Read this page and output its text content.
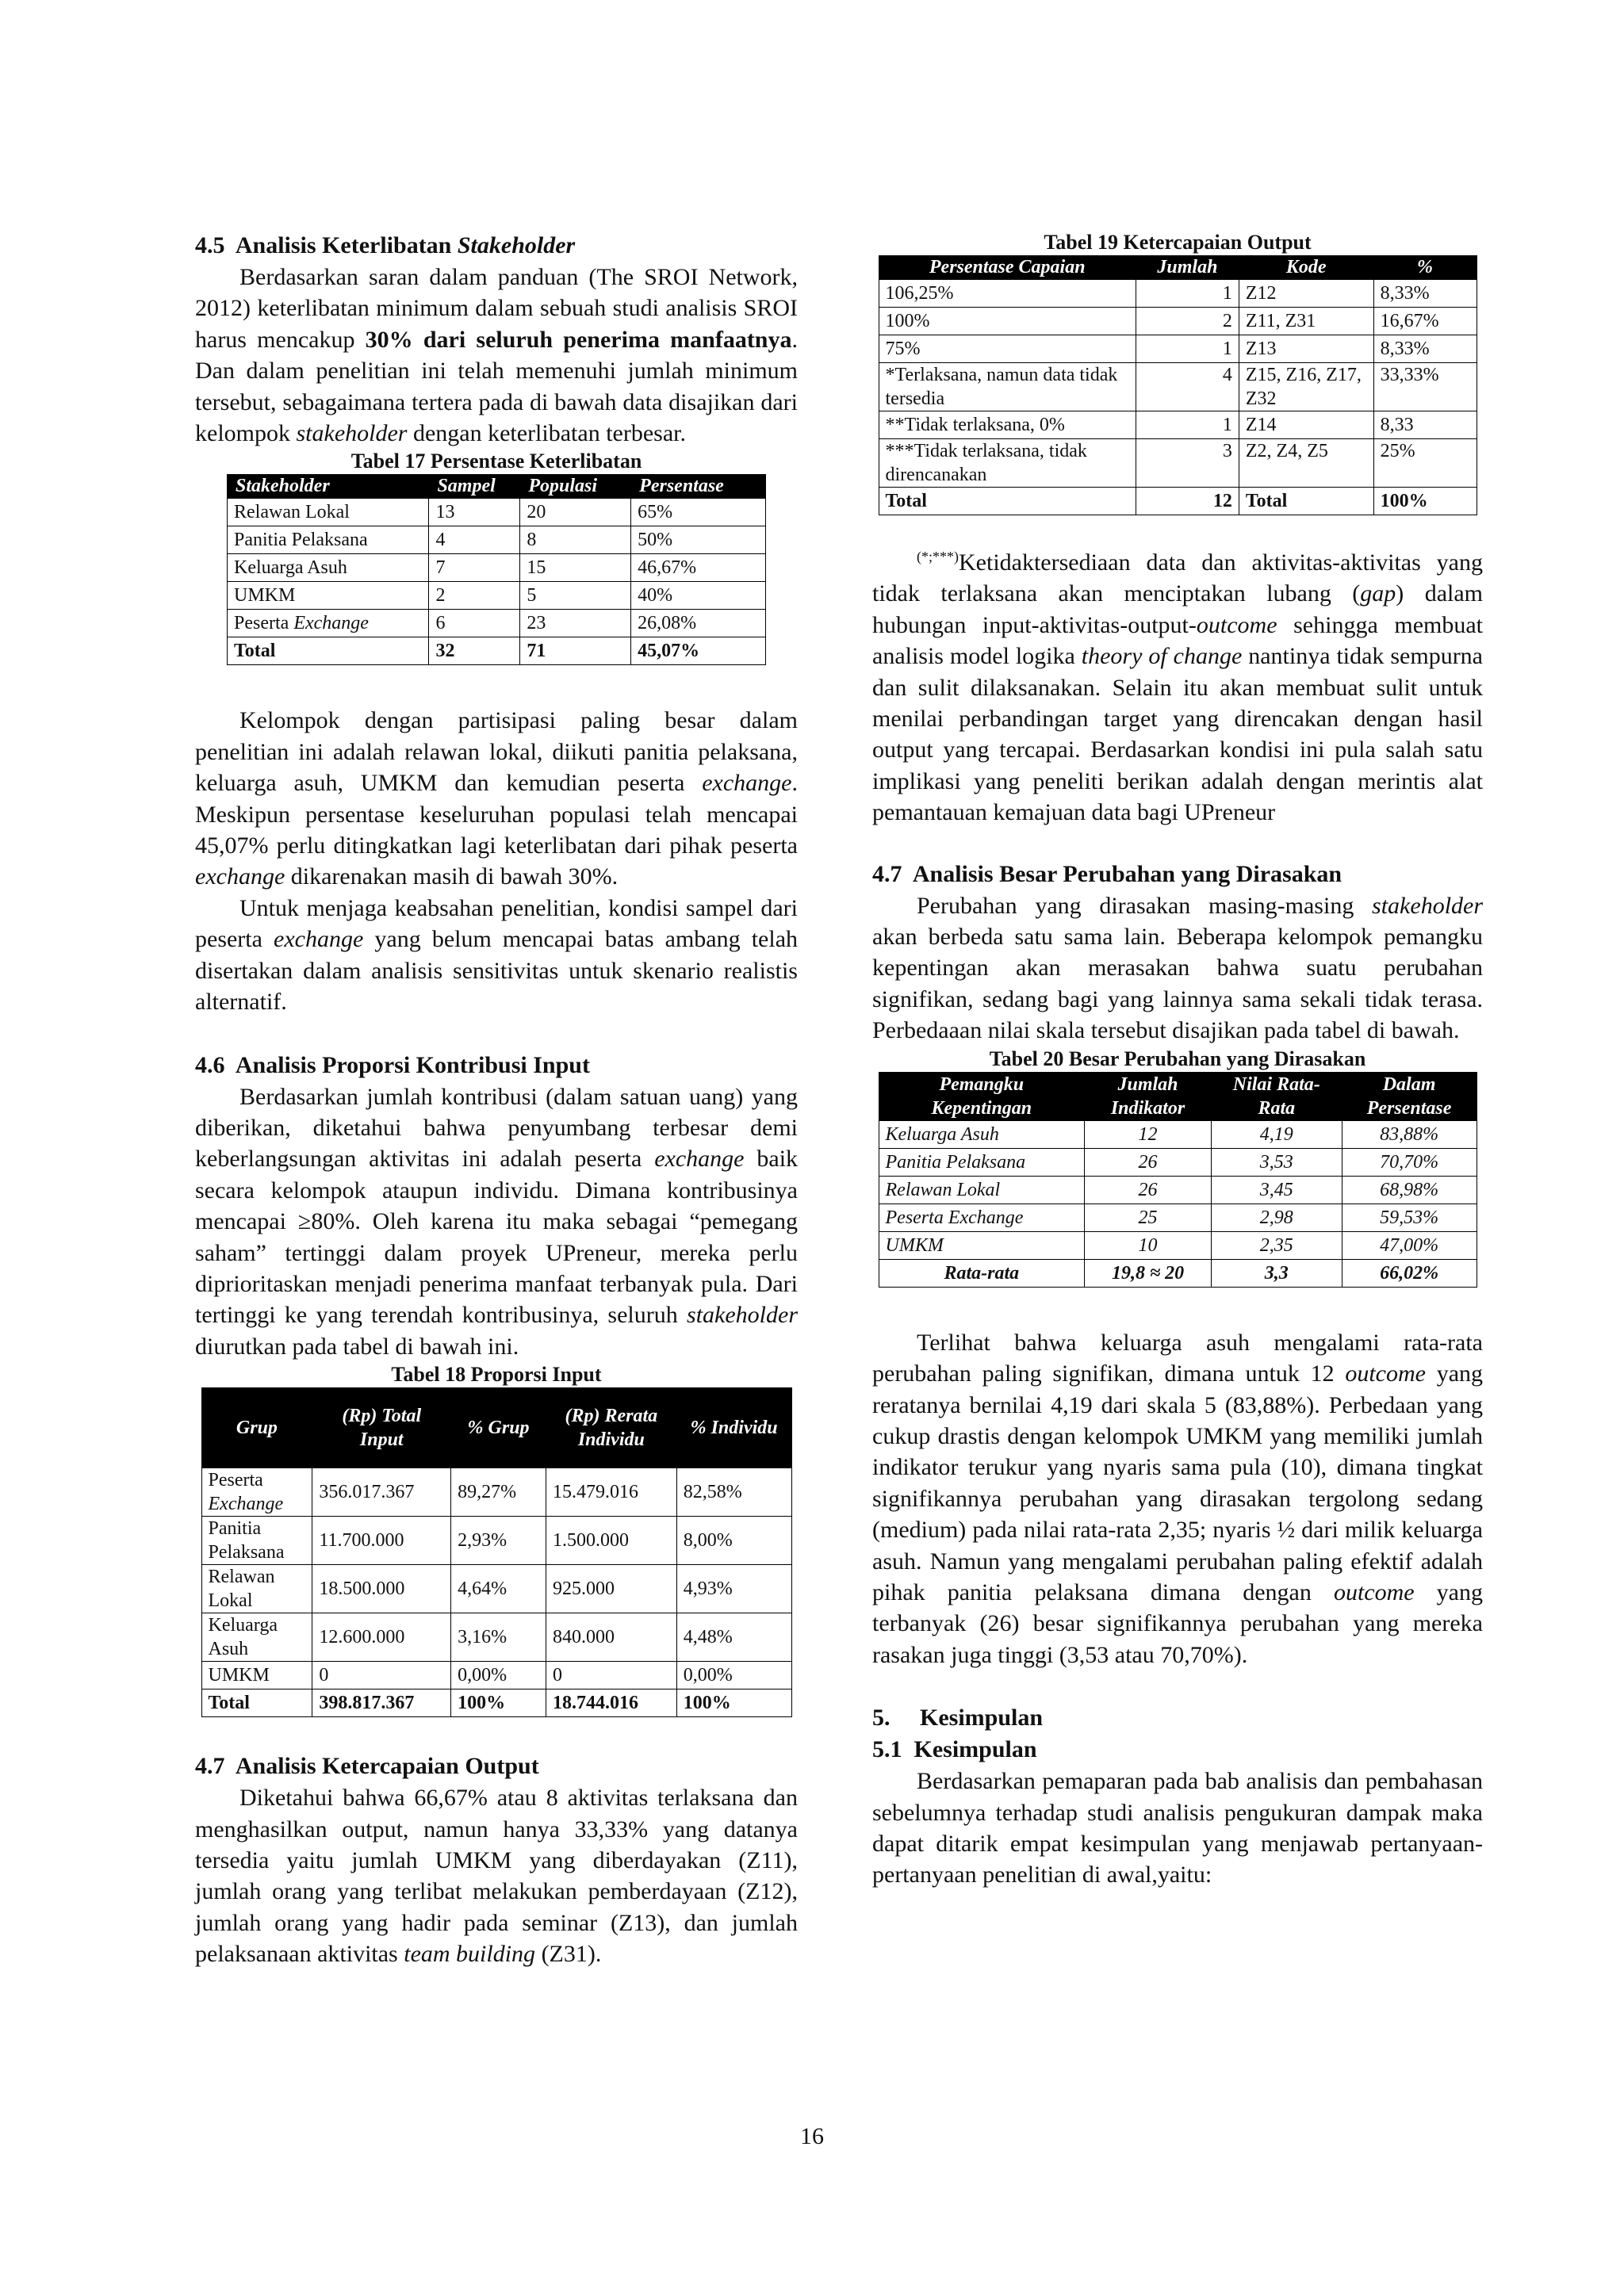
4.5 Analisis Keterlibatan Stakeholder

Berdasarkan saran dalam panduan (The SROI Network, 2012) keterlibatan minimum dalam sebuah studi analisis SROI harus mencakup 30% dari seluruh penerima manfaatnya. Dan dalam penelitian ini telah memenuhi jumlah minimum tersebut, sebagaimana tertera pada di bawah data disajikan dari kelompok stakeholder dengan keterlibatan terbesar.

Tabel 17 Persentase Keterlibatan
Stakeholder	Sampel	Populasi	Persentase
Relawan Lokal	13	20	65%
Panitia Pelaksana	4	8	50%
Keluarga Asuh	7	15	46,67%
UMKM	2	5	40%
Peserta Exchange	6	23	26,08%
Total	32	71	45,07%

Kelompok dengan partisipasi paling besar dalam penelitian ini adalah relawan lokal, diikuti panitia pelaksana, keluarga asuh, UMKM dan kemudian peserta exchange. Meskipun persentase keseluruhan populasi telah mencapai 45,07% perlu ditingkatkan lagi keterlibatan dari pihak peserta exchange dikarenakan masih di bawah 30%.

Untuk menjaga keabsahan penelitian, kondisi sampel dari peserta exchange yang belum mencapai batas ambang telah disertakan dalam analisis sensitivitas untuk skenario realistis alternatif.

4.6 Analisis Proporsi Kontribusi Input

Berdasarkan jumlah kontribusi (dalam satuan uang) yang diberikan, diketahui bahwa penyumbang terbesar demi keberlangsungan aktivitas ini adalah peserta exchange baik secara kelompok ataupun individu. Dimana kontribusinya mencapai ≥80%. Oleh karena itu maka sebagai “pemegang saham” tertinggi dalam proyek UPreneur, mereka perlu diprioritaskan menjadi penerima manfaat terbanyak pula. Dari tertinggi ke yang terendah kontribusinya, seluruh stakeholder diurutkan pada tabel di bawah ini.

Tabel 18 Proporsi Input
Grup	(Rp) Total Input	% Grup	(Rp) Rerata Individu	% Individu
Peserta
Exchange	356.017.367	89,27%	15.479.016	82,58%
Panitia Pelaksana	11.700.000	2,93%	1.500.000	8,00%
Relawan Lokal	18.500.000	4,64%	925.000	4,93%
Keluarga Asuh	12.600.000	3,16%	840.000	4,48%
UMKM	0	0,00%	0	0,00%
Total	398.817.367	100%	18.744.016	100%
4.7 Analisis Ketercapaian Output

Diketahui bahwa 66,67% atau 8 aktivitas terlaksana dan menghasilkan output, namun hanya 33,33% yang datanya tersedia yaitu jumlah UMKM yang diberdayakan (Z11), jumlah orang yang terlibat melakukan pemberdayaan (Z12), jumlah orang yang hadir pada seminar (Z13), dan jumlah pelaksanaan aktivitas team building (Z31).

Tabel 19 Ketercapaian Output
Persentase Capaian	Jumlah	Kode	%
106,25%	1	Z12	8,33%
100%	2	Z11, Z31	16,67%
75%	1	Z13	8,33%
*Terlaksana, namun data tidak tersedia	4	Z15, Z16, Z17, Z32	33,33%
**Tidak terlaksana, 0%	1	Z14	8,33
***Tidak terlaksana, tidak direncanakan	3	Z2, Z4, Z5	25%
Total	12	Total	100%

(*;***)Ketidaktersediaan data dan aktivitas-aktivitas yang tidak terlaksana akan menciptakan lubang (gap) dalam hubungan input-aktivitas-output-outcome sehingga membuat analisis model logika theory of change nantinya tidak sempurna dan sulit dilaksanakan. Selain itu akan membuat sulit untuk menilai perbandingan target yang direncakan dengan hasil output yang tercapai. Berdasarkan kondisi ini pula salah satu implikasi yang peneliti berikan adalah dengan merintis alat pemantauan kemajuan data bagi UPreneur

4.7 Analisis Besar Perubahan yang Dirasakan

Perubahan yang dirasakan masing-masing stakeholder akan berbeda satu sama lain. Beberapa kelompok pemangku kepentingan akan merasakan bahwa suatu perubahan signifikan, sedang bagi yang lainnya sama sekali tidak terasa. Perbedaaan nilai skala tersebut disajikan pada tabel di bawah.

Tabel 20 Besar Perubahan yang Dirasakan
Pemangku Kepentingan	Jumlah Indikator	Nilai Rata-Rata	Dalam Persentase
Keluarga Asuh	12	4,19	83,88%
Panitia Pelaksana	26	3,53	70,70%
Relawan Lokal	26	3,45	68,98%
Peserta Exchange	25	2,98	59,53%
UMKM	10	2,35	47,00%
Rata-rata	19,8 ≈ 20	3,3	66,02%

Terlihat bahwa keluarga asuh mengalami rata-rata perubahan paling signifikan, dimana untuk 12 outcome yang reratanya bernilai 4,19 dari skala 5 (83,88%). Perbedaan yang cukup drastis dengan kelompok UMKM yang memiliki jumlah indikator terukur yang nyaris sama pula (10), dimana tingkat signifikannya perubahan yang dirasakan tergolong sedang (medium) pada nilai rata-rata 2,35; nyaris ½ dari milik keluarga asuh. Namun yang mengalami perubahan paling efektif adalah pihak panitia pelaksana dimana dengan outcome yang terbanyak (26) besar signifikannya perubahan yang mereka rasakan juga tinggi (3,53 atau 70,70%).

5. Kesimpulan
5.1 Kesimpulan

Berdasarkan pemaparan pada bab analisis dan pembahasan sebelumnya terhadap studi analisis pengukuran dampak maka dapat ditarik empat kesimpulan yang menjawab pertanyaan-pertanyaan penelitian di awal,yaitu:

16
